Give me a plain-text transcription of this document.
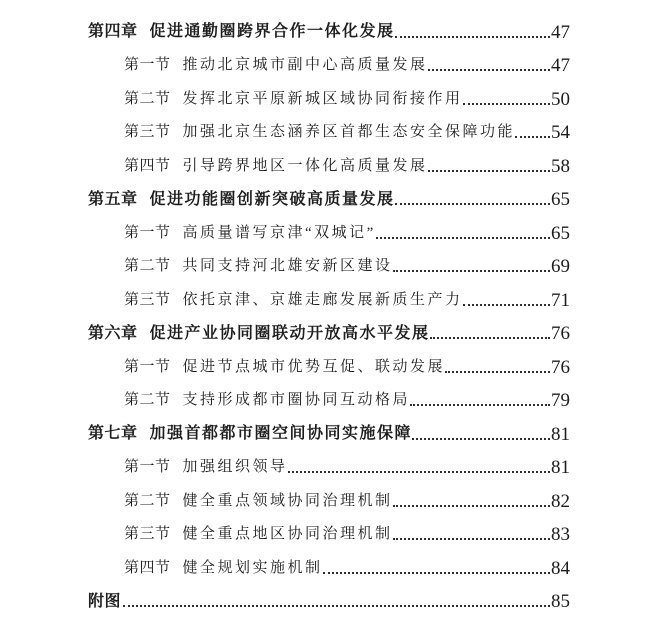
第四章 促进通勤圈跨界合作一体化发展	47
第一节 推动北京城市副中心高质量发展	47
第二节 发挥北京平原新城区域协同衔接作用	50
第三节 加强北京生态涵养区首都生态安全保障功能 54
第四节 引导跨界地区一体化高质量发展	58
第五章 促进功能圈创新突破高质量发展	65
第一节 高质量谱写京津“双城记”	65
第二节 共同支持河北雄安新区建设	69
第三节 依托京津、京雄走廊发展新质生产力	71
第六章 促进产业协同圈联动开放高水平发展	76
第一节 促进节点城市优势互促、联动发展	76
第二节 支持形成都市圈协同互动格局	79
第七章 加强首都都市圈空间协同实施保障	81
第一节 加强组织领导	81
第二节 健全重点领域协同治理机制	82
第三节 健全重点地区协同治理机制	83
第四节 健全规划实施机制	84
附图	85
